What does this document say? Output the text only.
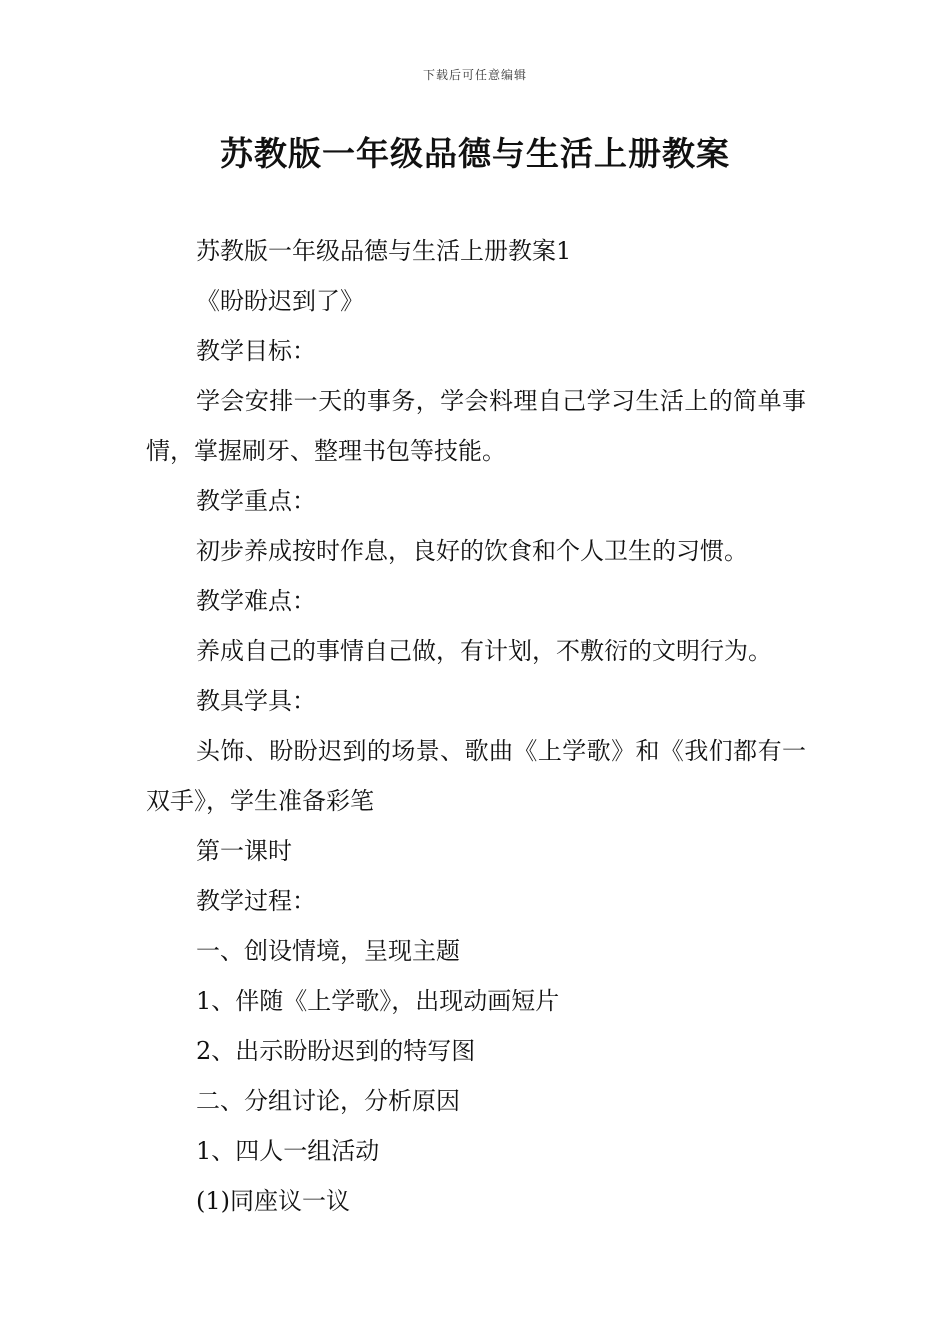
下载后可任意编辑
苏教版一年级品德与生活上册教案

苏教版一年级品德与生活上册教案1

《盼盼迟到了》

教学目标：

学会安排一天的事务，学会料理自己学习生活上的简单事情，掌握刷牙、整理书包等技能。

教学重点：

初步养成按时作息，良好的饮食和个人卫生的习惯。

教学难点：

养成自己的事情自己做，有计划，不敷衍的文明行为。

教具学具：

头饰、盼盼迟到的场景、歌曲《上学歌》和《我们都有一双手》，学生准备彩笔

第一课时

教学过程：

一、创设情境，呈现主题

1、伴随《上学歌》，出现动画短片

2、出示盼盼迟到的特写图

二、分组讨论，分析原因

1、四人一组活动

(1)同座议一议
